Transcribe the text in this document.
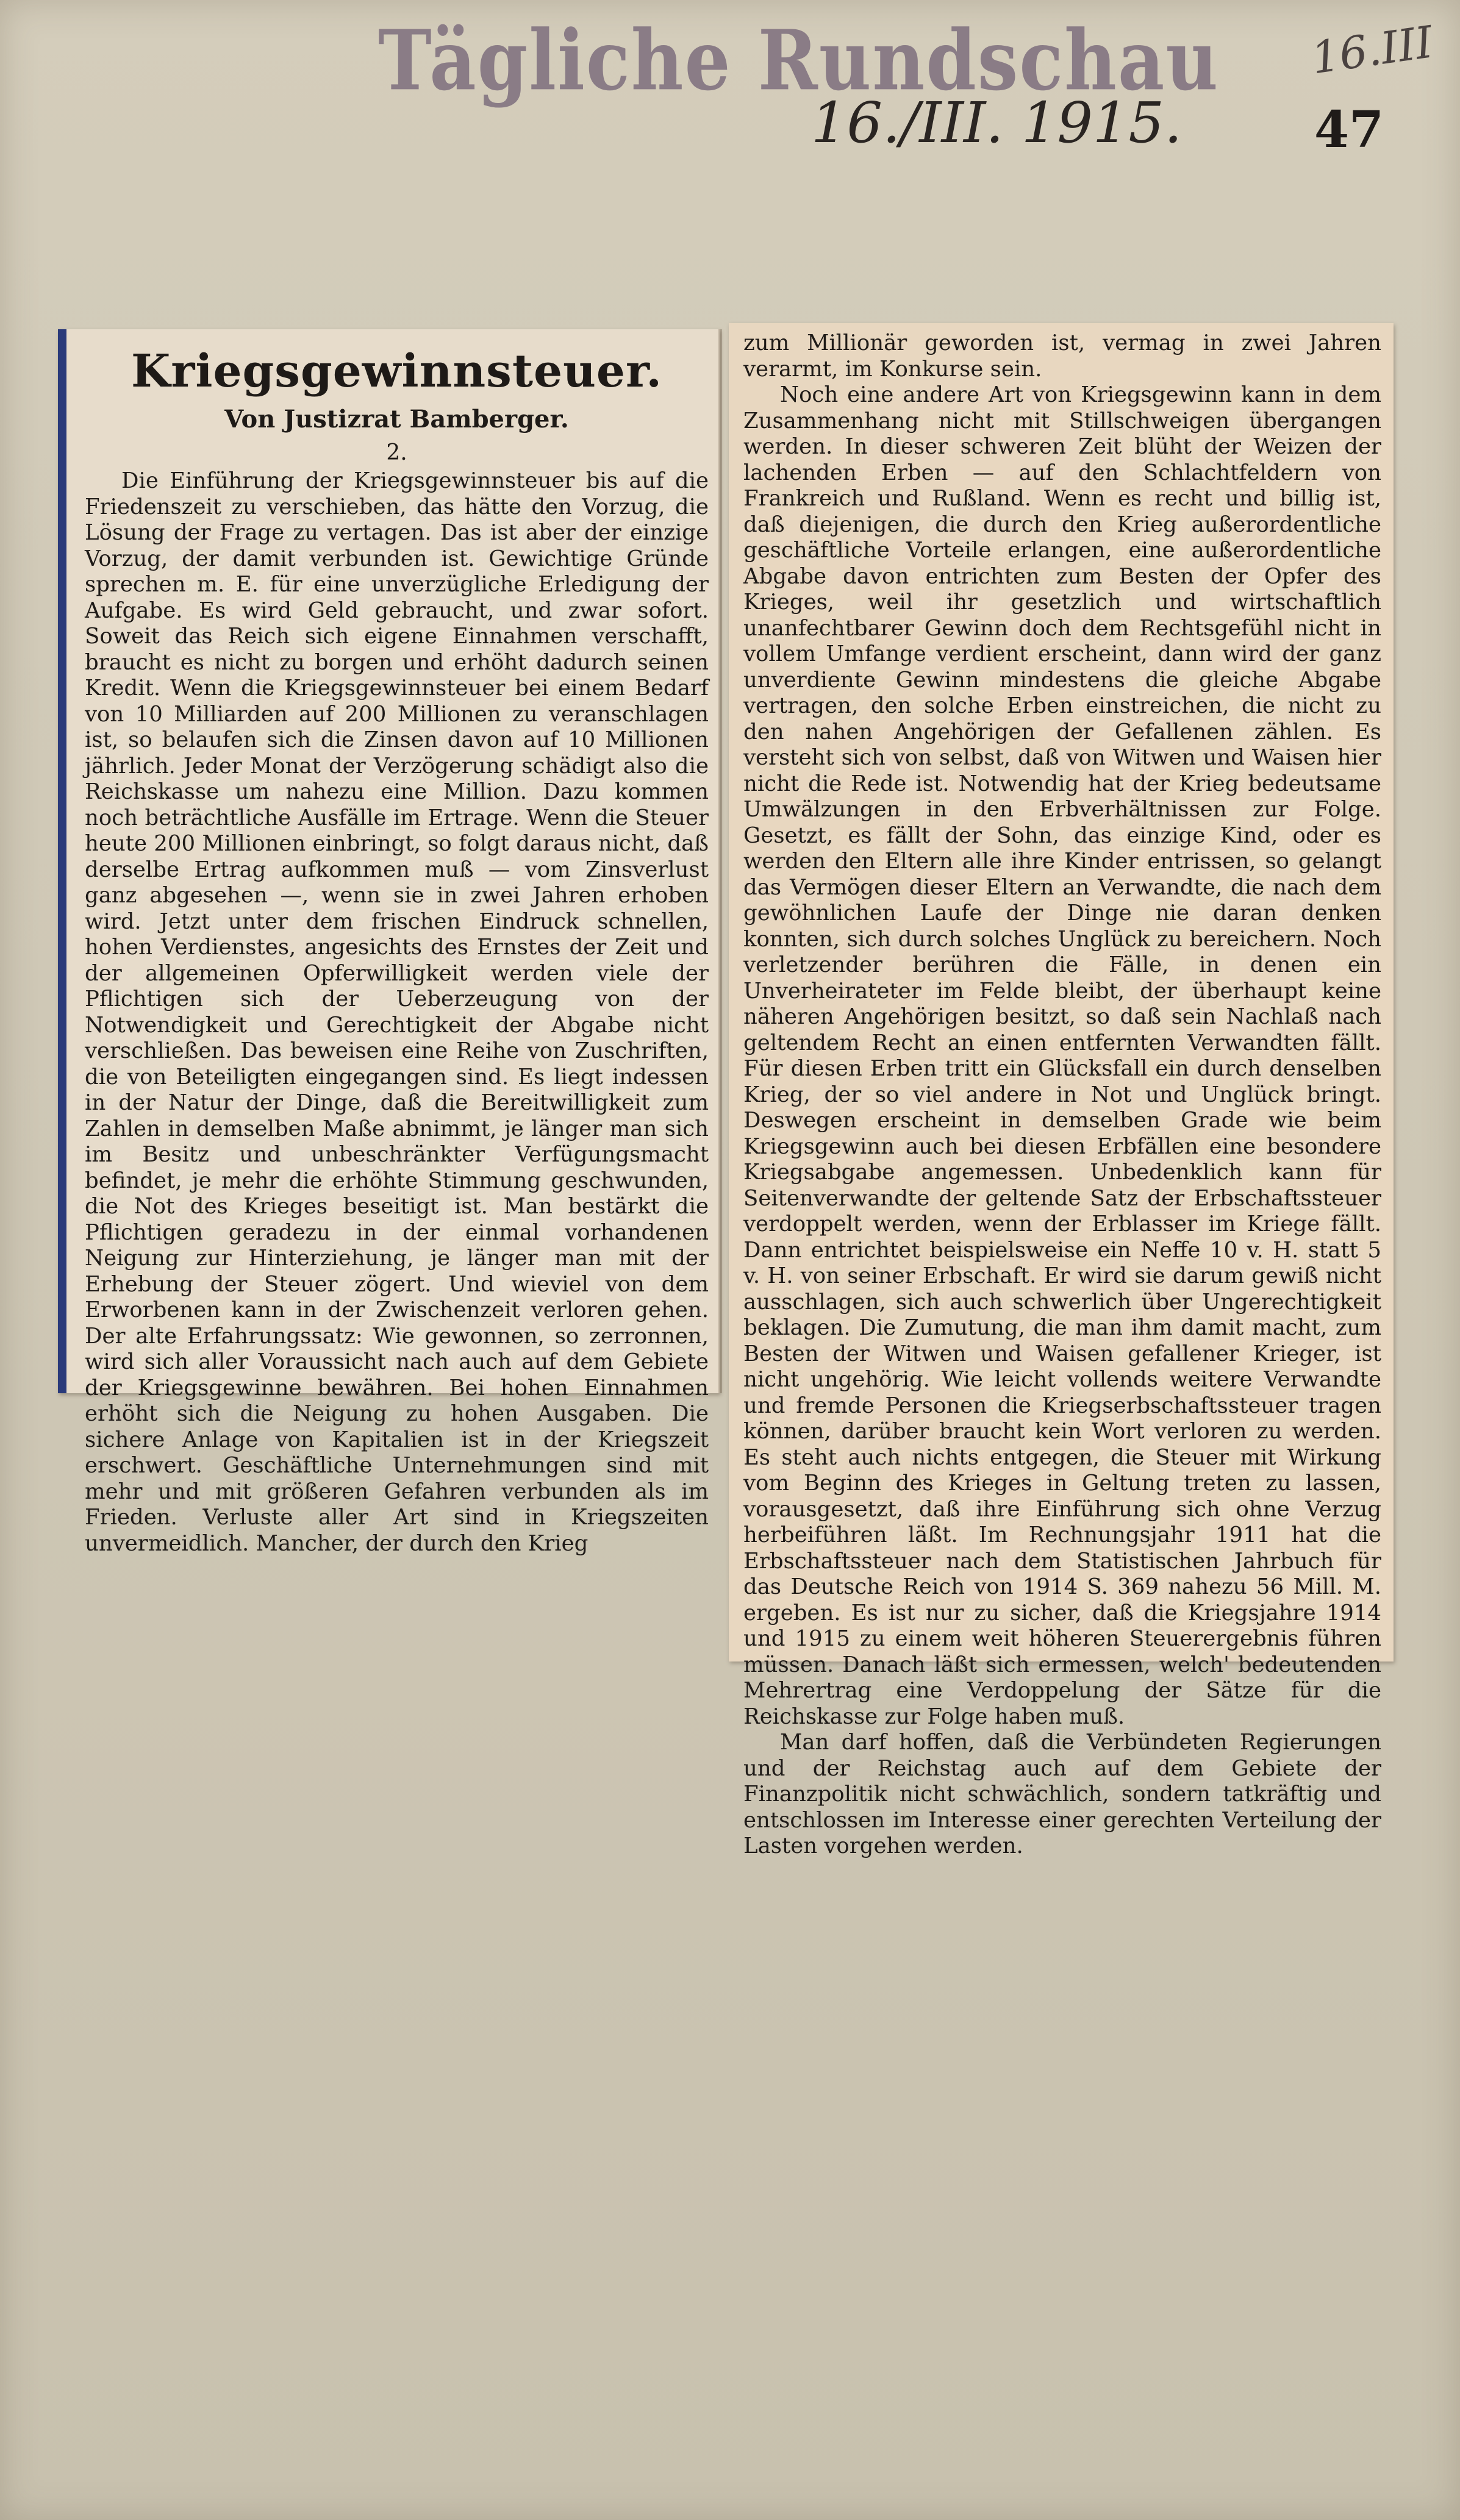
Tägliche Rundschau
16./III. 1915.
16.III
47
Kriegsgewinnsteuer.
Von Justizrat Bamberger.
2.

Die Einführung der Kriegsgewinnsteuer bis auf die Friedenszeit zu verschieben, das hätte den Vorzug, die Lösung der Frage zu vertagen. Das ist aber der einzige Vorzug, der damit verbunden ist. Gewichtige Gründe sprechen m. E. für eine unverzügliche Erledigung der Aufgabe. Es wird Geld gebraucht, und zwar sofort. Soweit das Reich sich eigene Einnahmen verschafft, braucht es nicht zu borgen und erhöht dadurch seinen Kredit. Wenn die Kriegsgewinnsteuer bei einem Bedarf von 10 Milliarden auf 200 Millionen zu veranschlagen ist, so belaufen sich die Zinsen davon auf 10 Millionen jährlich. Jeder Monat der Verzögerung schädigt also die Reichskasse um nahezu eine Million. Dazu kommen noch beträchtliche Ausfälle im Ertrage. Wenn die Steuer heute 200 Millionen einbringt, so folgt daraus nicht, daß derselbe Ertrag aufkommen muß — vom Zinsverlust ganz abgesehen —, wenn sie in zwei Jahren erhoben wird. Jetzt unter dem frischen Eindruck schnellen, hohen Verdienstes, angesichts des Ernstes der Zeit und der allgemeinen Opferwilligkeit werden viele der Pflichtigen sich der Ueberzeugung von der Notwendigkeit und Gerechtigkeit der Abgabe nicht verschließen. Das beweisen eine Reihe von Zuschriften, die von Beteiligten eingegangen sind. Es liegt indessen in der Natur der Dinge, daß die Bereitwilligkeit zum Zahlen in demselben Maße abnimmt, je länger man sich im Besitz und unbeschränkter Verfügungsmacht befindet, je mehr die erhöhte Stimmung geschwunden, die Not des Krieges beseitigt ist. Man bestärkt die Pflichtigen geradezu in der einmal vorhandenen Neigung zur Hinterziehung, je länger man mit der Erhebung der Steuer zögert. Und wieviel von dem Erworbenen kann in der Zwischenzeit verloren gehen. Der alte Erfahrungssatz: Wie gewonnen, so zerronnen, wird sich aller Voraussicht nach auch auf dem Gebiete der Kriegsgewinne bewähren. Bei hohen Einnahmen erhöht sich die Neigung zu hohen Ausgaben. Die sichere Anlage von Kapitalien ist in der Kriegszeit erschwert. Geschäftliche Unternehmungen sind mit mehr und mit größeren Gefahren verbunden als im Frieden. Verluste aller Art sind in Kriegszeiten unvermeidlich. Mancher, der durch den Krieg

zum Millionär geworden ist, vermag in zwei Jahren verarmt, im Konkurse sein.

Noch eine andere Art von Kriegsgewinn kann in dem Zusammenhang nicht mit Stillschweigen übergangen werden. In dieser schweren Zeit blüht der Weizen der lachenden Erben — auf den Schlachtfeldern von Frankreich und Rußland. Wenn es recht und billig ist, daß diejenigen, die durch den Krieg außerordentliche geschäftliche Vorteile erlangen, eine außerordentliche Abgabe davon entrichten zum Besten der Opfer des Krieges, weil ihr gesetzlich und wirtschaftlich unanfechtbarer Gewinn doch dem Rechtsgefühl nicht in vollem Umfange verdient erscheint, dann wird der ganz unverdiente Gewinn mindestens die gleiche Abgabe vertragen, den solche Erben einstreichen, die nicht zu den nahen Angehörigen der Gefallenen zählen. Es versteht sich von selbst, daß von Witwen und Waisen hier nicht die Rede ist. Notwendig hat der Krieg bedeutsame Umwälzungen in den Erbverhältnissen zur Folge. Gesetzt, es fällt der Sohn, das einzige Kind, oder es werden den Eltern alle ihre Kinder entrissen, so gelangt das Vermögen dieser Eltern an Verwandte, die nach dem gewöhnlichen Laufe der Dinge nie daran denken konnten, sich durch solches Unglück zu bereichern. Noch verletzender berühren die Fälle, in denen ein Unverheirateter im Felde bleibt, der überhaupt keine näheren Angehörigen besitzt, so daß sein Nachlaß nach geltendem Recht an einen entfernten Verwandten fällt. Für diesen Erben tritt ein Glücksfall ein durch denselben Krieg, der so viel andere in Not und Unglück bringt. Deswegen erscheint in demselben Grade wie beim Kriegsgewinn auch bei diesen Erbfällen eine besondere Kriegsabgabe angemessen. Unbedenklich kann für Seitenverwandte der geltende Satz der Erbschaftssteuer verdoppelt werden, wenn der Erblasser im Kriege fällt. Dann entrichtet beispielsweise ein Neffe 10 v. H. statt 5 v. H. von seiner Erbschaft. Er wird sie darum gewiß nicht ausschlagen, sich auch schwerlich über Ungerechtigkeit beklagen. Die Zumutung, die man ihm damit macht, zum Besten der Witwen und Waisen gefallener Krieger, ist nicht ungehörig. Wie leicht vollends weitere Verwandte und fremde Personen die Kriegserbschaftssteuer tragen können, darüber braucht kein Wort verloren zu werden. Es steht auch nichts entgegen, die Steuer mit Wirkung vom Beginn des Krieges in Geltung treten zu lassen, vorausgesetzt, daß ihre Einführung sich ohne Verzug herbeiführen läßt. Im Rechnungsjahr 1911 hat die Erbschaftssteuer nach dem Statistischen Jahrbuch für das Deutsche Reich von 1914 S. 369 nahezu 56 Mill. M. ergeben. Es ist nur zu sicher, daß die Kriegsjahre 1914 und 1915 zu einem weit höheren Steuerergebnis führen müssen. Danach läßt sich ermessen, welch' bedeutenden Mehrertrag eine Verdoppelung der Sätze für die Reichskasse zur Folge haben muß.

Man darf hoffen, daß die Verbündeten Regierungen und der Reichstag auch auf dem Gebiete der Finanzpolitik nicht schwächlich, sondern tatkräftig und entschlossen im Interesse einer gerechten Verteilung der Lasten vorgehen werden.
